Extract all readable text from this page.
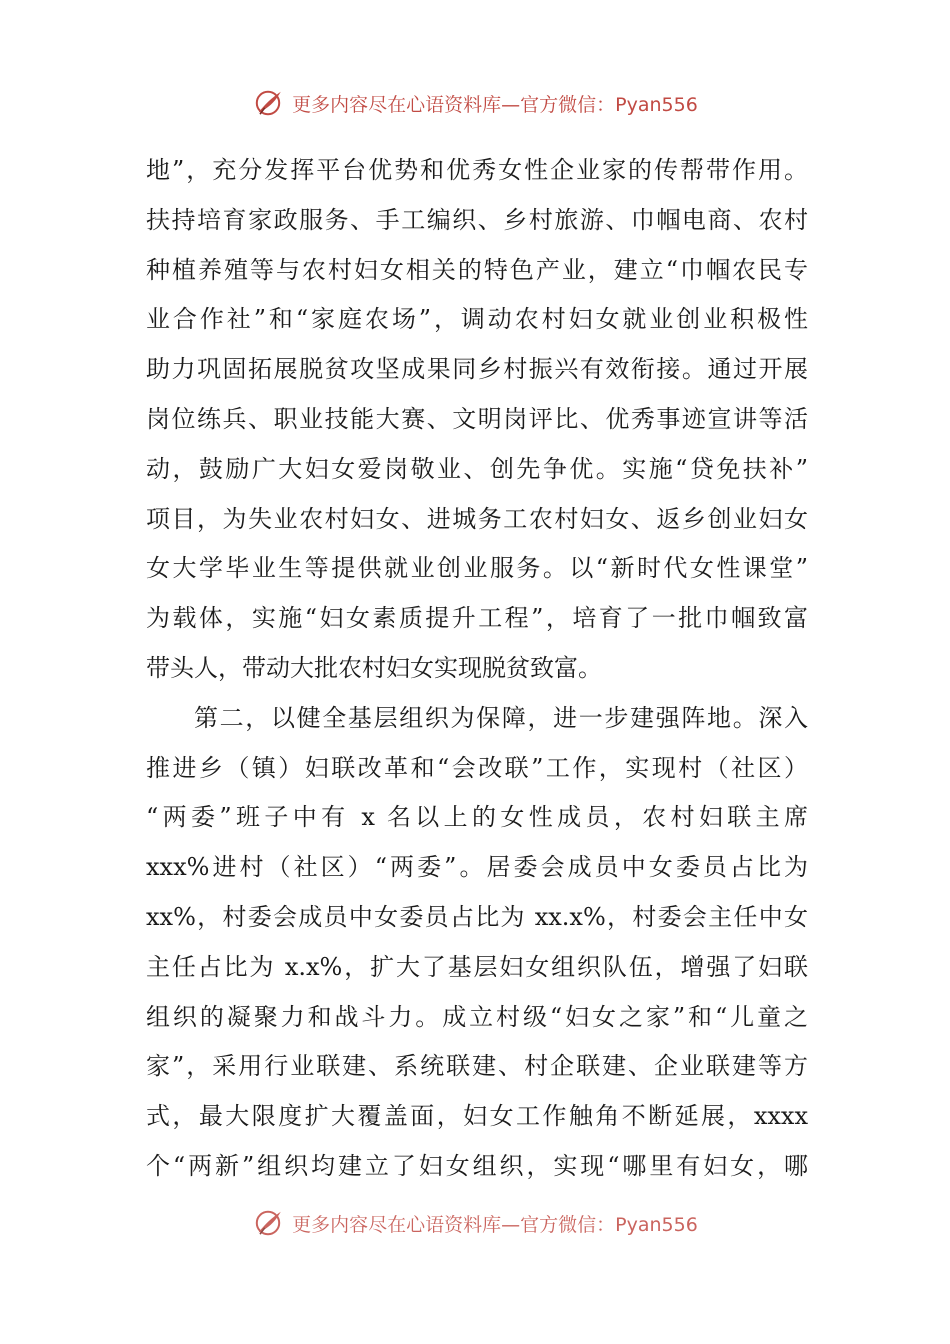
更多内容尽在心语资料库—官方微信：Pyan556
地”，充分发挥平台优势和优秀女性企业家的传帮带作用。
扶持培育家政服务、手工编织、乡村旅游、巾帼电商、农村
种植养殖等与农村妇女相关的特色产业，建立“巾帼农民专
业合作社”和“家庭农场”，调动农村妇女就业创业积极性
助力巩固拓展脱贫攻坚成果同乡村振兴有效衔接。通过开展
岗位练兵、职业技能大赛、文明岗评比、优秀事迹宣讲等活
动，鼓励广大妇女爱岗敬业、创先争优。实施“贷免扶补”
项目，为失业农村妇女、进城务工农村妇女、返乡创业妇女
女大学毕业生等提供就业创业服务。以“新时代女性课堂”
为载体，实施“妇女素质提升工程”，培育了一批巾帼致富
带头人，带动大批农村妇女实现脱贫致富。
第二，以健全基层组织为保障，进一步建强阵地。深入
推进乡（镇）妇联改革和“会改联”工作，实现村（社区）
“两委”班子中有 x 名以上的女性成员，农村妇联主席
xxx%进村（社区）“两委”。居委会成员中女委员占比为
xx%，村委会成员中女委员占比为 xx.x%，村委会主任中女
主任占比为 x.x%，扩大了基层妇女组织队伍，增强了妇联
组织的凝聚力和战斗力。成立村级“妇女之家”和“儿童之
家”，采用行业联建、系统联建、村企联建、企业联建等方
式，最大限度扩大覆盖面，妇女工作触角不断延展，xxxx
个“两新”组织均建立了妇女组织，实现“哪里有妇女，哪
更多内容尽在心语资料库—官方微信：Pyan556
